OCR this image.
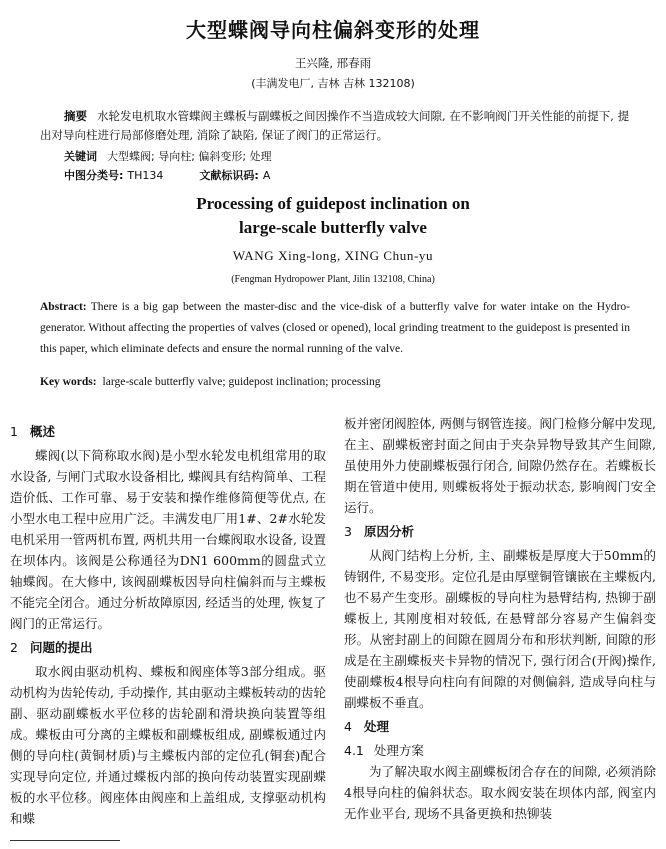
大型蝶阀导向柱偏斜变形的处理
王兴隆, 邢春雨
(丰满发电厂, 吉林 吉林 132108)
摘要 水轮发电机取水管蝶阀主蝶板与副蝶板之间因操作不当造成较大间隙, 在不影响阀门开关性能的前提下, 提出对导向柱进行局部修磨处理, 消除了缺陷, 保证了阀门的正常运行。
关键词 大型蝶阀; 导向柱; 偏斜变形; 处理
中图分类号: TH134	文献标识码: A
Processing of guidepost inclination on
large-scale butterfly valve
WANG Xing-long, XING Chun-yu
(Fengman Hydropower Plant, Jilin 132108, China)
Abstract: There is a big gap between the master-disc and the vice-disk of a butterfly valve for water intake on the Hydro-generator. Without affecting the properties of valves (closed or opened), local grinding treatment to the guidepost is presented in this paper, which eliminate defects and ensure the normal running of the valve.
Key words: large-scale butterfly valve; guidepost inclination; processing
1 概述

蝶阀(以下简称取水阀)是小型水轮发电机组常用的取水设备, 与闸门式取水设备相比, 蝶阀具有结构简单、工程造价低、工作可靠、易于安装和操作维修简便等优点, 在小型水电工程中应用广泛。丰满发电厂用1#、2#水轮发电机采用一管两机布置, 两机共用一台蝶阀取水设备, 设置在坝体内。该阀是公称通径为DN1 600mm的圆盘式立轴蝶阀。在大修中, 该阀副蝶板因导向柱偏斜而与主蝶板不能完全闭合。通过分析故障原因, 经适当的处理, 恢复了阀门的正常运行。

2 问题的提出

取水阀由驱动机构、蝶板和阀座体等3部分组成。驱动机构为齿轮传动, 手动操作, 其由驱动主蝶板转动的齿轮副、驱动副蝶板水平位移的齿轮副和滑块换向装置等组成。蝶板由可分离的主蝶板和副蝶板组成, 副蝶板通过内侧的导向柱(黄铜材质)与主蝶板内部的定位孔(铜套)配合实现导向定位, 并通过蝶板内部的换向传动装置实现副蝶板的水平位移。阀座体由阀座和上盖组成, 支撑驱动机构和蝶

板并密闭阀腔体, 两侧与钢管连接。阀门检修分解中发现, 在主、副蝶板密封面之间由于夹杂异物导致其产生间隙, 虽使用外力使副蝶板强行闭合, 间隙仍然存在。若蝶板长期在管道中使用, 则蝶板将处于振动状态, 影响阀门安全运行。

3 原因分析

从阀门结构上分析, 主、副蝶板是厚度大于50mm的铸钢件, 不易变形。定位孔是由厚壁铜管镶嵌在主蝶板内, 也不易产生变形。副蝶板的导向柱为悬臂结构, 热铆于副蝶板上, 其刚度相对较低, 在悬臂部分容易产生偏斜变形。从密封副上的间隙在圆周分布和形状判断, 间隙的形成是在主副蝶板夹卡异物的情况下, 强行闭合(开阀)操作, 使副蝶板4根导向柱向有间隙的对侧偏斜, 造成导向柱与副蝶板不垂直。

4 处理
4.1 处理方案

为了解决取水阀主副蝶板闭合存在的间隙, 必须消除4根导向柱的偏斜状态。取水阀安装在坝体内部, 阀室内无作业平台, 现场不具备更换和热铆装
